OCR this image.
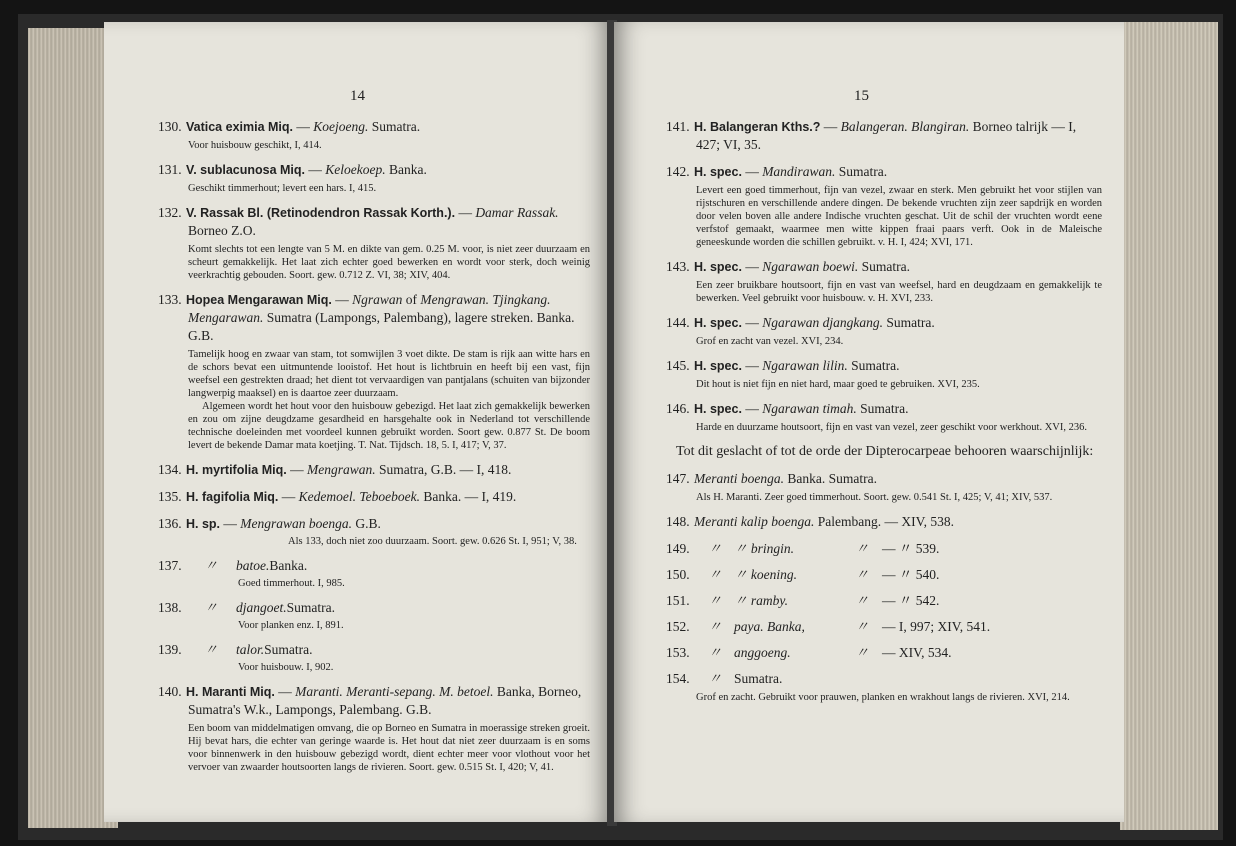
14
130. Vatica eximia Miq. — Koejoeng. Sumatra.
Voor huisbouw geschikt, I, 414.
131. V. sublacunosa Miq. — Keloekoep. Banka.
Geschikt timmerhout; levert een hars. I, 415.
132. V. Rassak Bl. (Retinodendron Rassak Korth.). — Damar Rassak. Borneo Z.O.
Komt slechts tot een lengte van 5 M. en dikte van gem. 0.25 M. voor, is niet zeer duurzaam en scheurt gemakkelijk. Het laat zich echter goed bewerken en wordt voor sterk, doch weinig veerkrachtig gebouden. Soort. gew. 0.712 Z. VI, 38; XIV, 404.
133. Hopea Mengarawan Miq. — Ngrawan of Mengrawan. Tjingkang. Mengarawan. Sumatra (Lampongs, Palembang), lagere streken. Banka. G.B.
Tamelijk hoog en zwaar van stam, tot somwijlen 3 voet dikte. De stam is rijk aan witte hars en de schors bevat een uitmuntende looistof. Het hout is lichtbruin en heeft bij een vast, fijn weefsel een gestrekten draad; het dient tot vervaardigen van pantjalans (schuiten van bijzonder langwerpig maaksel) en is daartoe zeer duurzaam.
Algemeen wordt het hout voor den huisbouw gebezigd. Het laat zich gemakkelijk bewerken en zou om zijne deugdzame gesardheid en harsgehalte ook in Nederland tot verschillende technische doeleinden met voordeel kunnen gebruikt worden. Soort gew. 0.877 St. De boom levert de bekende Damar mata koetjing. T. Nat. Tijdsch. 18, 5. I, 417; V, 37.
134. H. myrtifolia Miq. — Mengrawan. Sumatra, G.B. — I, 418.
135. H. fagifolia Miq. — Kedemoel. Teboeboek. Banka. — I, 419.
136. H. sp. — Mengrawan boenga. G.B.
Als 133, doch niet zoo duurzaam. Soort. gew. 0.626 St. I, 951; V, 38.
137.	〃	batoe. Banka.
Goed timmerhout. I, 985.
138.	〃	djangoet. Sumatra.
Voor planken enz. I, 891.
139.	〃	talor. Sumatra.
Voor huisbouw. I, 902.
140. H. Maranti Miq. — Maranti. Meranti-sepang. M. betoel. Banka, Borneo, Sumatra's W.k., Lampongs, Palembang. G.B.
Een boom van middelmatigen omvang, die op Borneo en Sumatra in moerassige streken groeit. Hij bevat hars, die echter van geringe waarde is. Het hout dat niet zeer duurzaam is en soms voor binnenwerk in den huisbouw gebezigd wordt, dient echter meer voor vlothout voor het vervoer van zwaarder houtsoorten langs de rivieren. Soort. gew. 0.515 St. I, 420; V, 41.
15
141. H. Balangeran Kths.? — Balangeran. Blangiran. Borneo talrijk — I, 427; VI, 35.
142. H. spec. — Mandirawan. Sumatra.
Levert een goed timmerhout, fijn van vezel, zwaar en sterk. Men gebruikt het voor stijlen van rijstschuren en verschillende andere dingen. De bekende vruchten zijn zeer sapdrijk en worden door velen boven alle andere Indische vruchten geschat. Uit de schil der vruchten wordt eene verfstof gemaakt, waarmee men witte kippen fraai paars verft. Ook in de Maleische geneeskunde worden die schillen gebruikt. v. H. I, 424; XVI, 171.
143. H. spec. — Ngarawan boewi. Sumatra.
Een zeer bruikbare houtsoort, fijn en vast van weefsel, hard en deugdzaam en gemakkelijk te bewerken. Veel gebruikt voor huisbouw. v. H. XVI, 233.
144. H. spec. — Ngarawan djangkang. Sumatra.
Grof en zacht van vezel. XVI, 234.
145. H. spec. — Ngarawan lilin. Sumatra.
Dit hout is niet fijn en niet hard, maar goed te gebruiken. XVI, 235.
146. H. spec. — Ngarawan timah. Sumatra.
Harde en duurzame houtsoort, fijn en vast van vezel, zeer geschikt voor werkhout. XVI, 236.
Tot dit geslacht of tot de orde der Dipterocarpeae behooren waarschijnlijk:
147. Meranti boenga. Banka. Sumatra.
Als H. Maranti. Zeer goed timmerhout. Soort. gew. 0.541 St. I, 425; V, 41; XIV, 537.
148. Meranti kalip boenga. Palembang. — XIV, 538.
149.	〃 〃 bringin.	〃 — 〃 539.
150.	〃 〃 koening.	〃 — 〃 540.
151.	〃 〃 ramby.	〃 — 〃 542.
152.	〃 paya. Banka,	〃 — I, 997; XIV, 541.
153.	〃 anggoeng.	〃 — XIV, 534.
154.	〃 Sumatra.
Grof en zacht. Gebruikt voor prauwen, planken en wrakhout langs de rivieren. XVI, 214.
